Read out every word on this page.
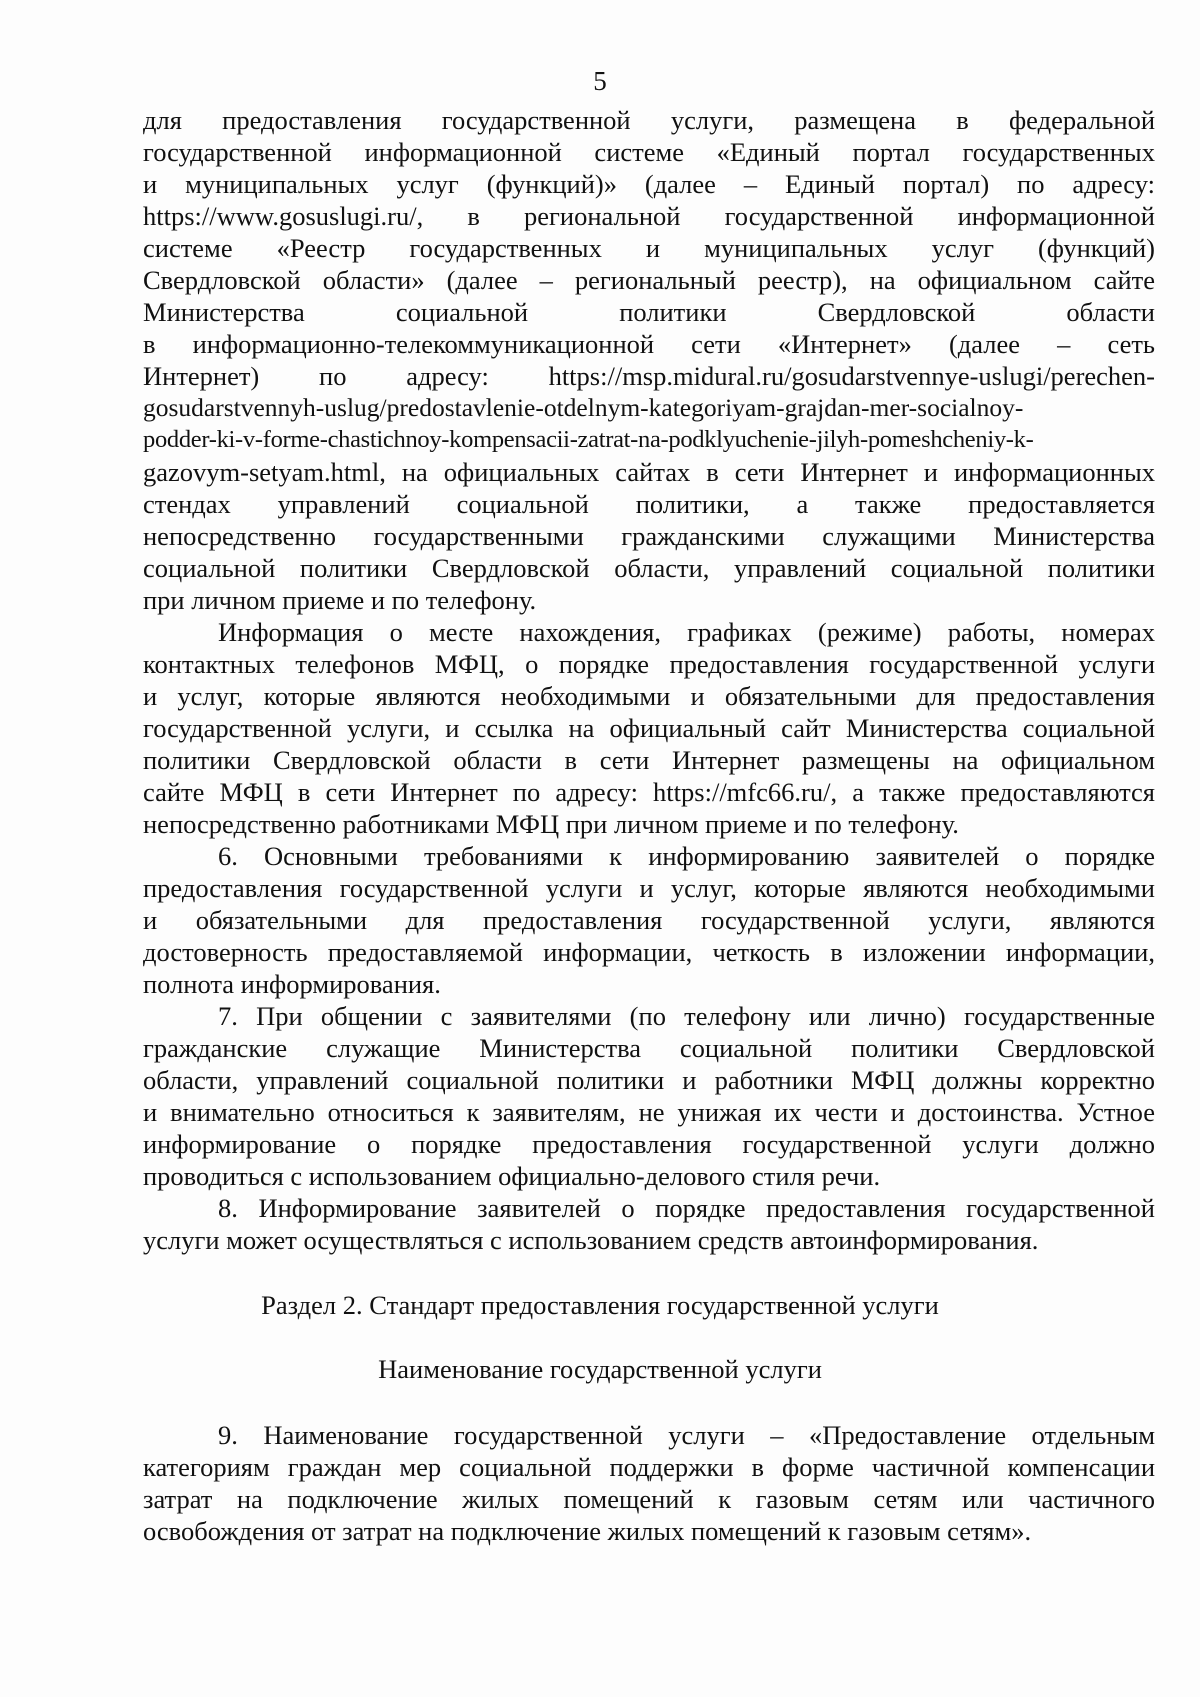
5
для предоставления государственной услуги, размещена в федеральной
государственной информационной системе «Единый портал государственных
и муниципальных услуг (функций)» (далее – Единый портал) по адресу:
https://www.gosuslugi.ru/, в региональной государственной информационной
системе «Реестр государственных и муниципальных услуг (функций)
Свердловской области» (далее – региональный реестр), на официальном сайте
Министерства социальной политики Свердловской области
в информационно-телекоммуникационной сети «Интернет» (далее – сеть
Интернет) по адресу: https://msp.midural.ru/gosudarstvennye-uslugi/perechen-
gosudarstvennyh-uslug/predostavlenie-otdelnym-kategoriyam-grajdan-mer-socialnoy-
podder-ki-v-forme-chastichnoy-kompensacii-zatrat-na-podklyuchenie-jilyh-pomeshcheniy-k-
gazovym-setyam.html, на официальных сайтах в сети Интернет и информационных
стендах управлений социальной политики, а также предоставляется
непосредственно государственными гражданскими служащими Министерства
социальной политики Свердловской области, управлений социальной политики
при личном приеме и по телефону.
Информация о месте нахождения, графиках (режиме) работы, номерах
контактных телефонов МФЦ, о порядке предоставления государственной услуги
и услуг, которые являются необходимыми и обязательными для предоставления
государственной услуги, и ссылка на официальный сайт Министерства социальной
политики Свердловской области в сети Интернет размещены на официальном
сайте МФЦ в сети Интернет по адресу: https://mfc66.ru/, а также предоставляются
непосредственно работниками МФЦ при личном приеме и по телефону.
6. Основными требованиями к информированию заявителей о порядке
предоставления государственной услуги и услуг, которые являются необходимыми
и обязательными для предоставления государственной услуги, являются
достоверность предоставляемой информации, четкость в изложении информации,
полнота информирования.
7. При общении с заявителями (по телефону или лично) государственные
гражданские служащие Министерства социальной политики Свердловской
области, управлений социальной политики и работники МФЦ должны корректно
и внимательно относиться к заявителям, не унижая их чести и достоинства. Устное
информирование о порядке предоставления государственной услуги должно
проводиться с использованием официально-делового стиля речи.
8. Информирование заявителей о порядке предоставления государственной
услуги может осуществляться с использованием средств автоинформирования.
Раздел 2. Стандарт предоставления государственной услуги
Наименование государственной услуги
9. Наименование государственной услуги – «Предоставление отдельным
категориям граждан мер социальной поддержки в форме частичной компенсации
затрат на подключение жилых помещений к газовым сетям или частичного
освобождения от затрат на подключение жилых помещений к газовым сетям».
